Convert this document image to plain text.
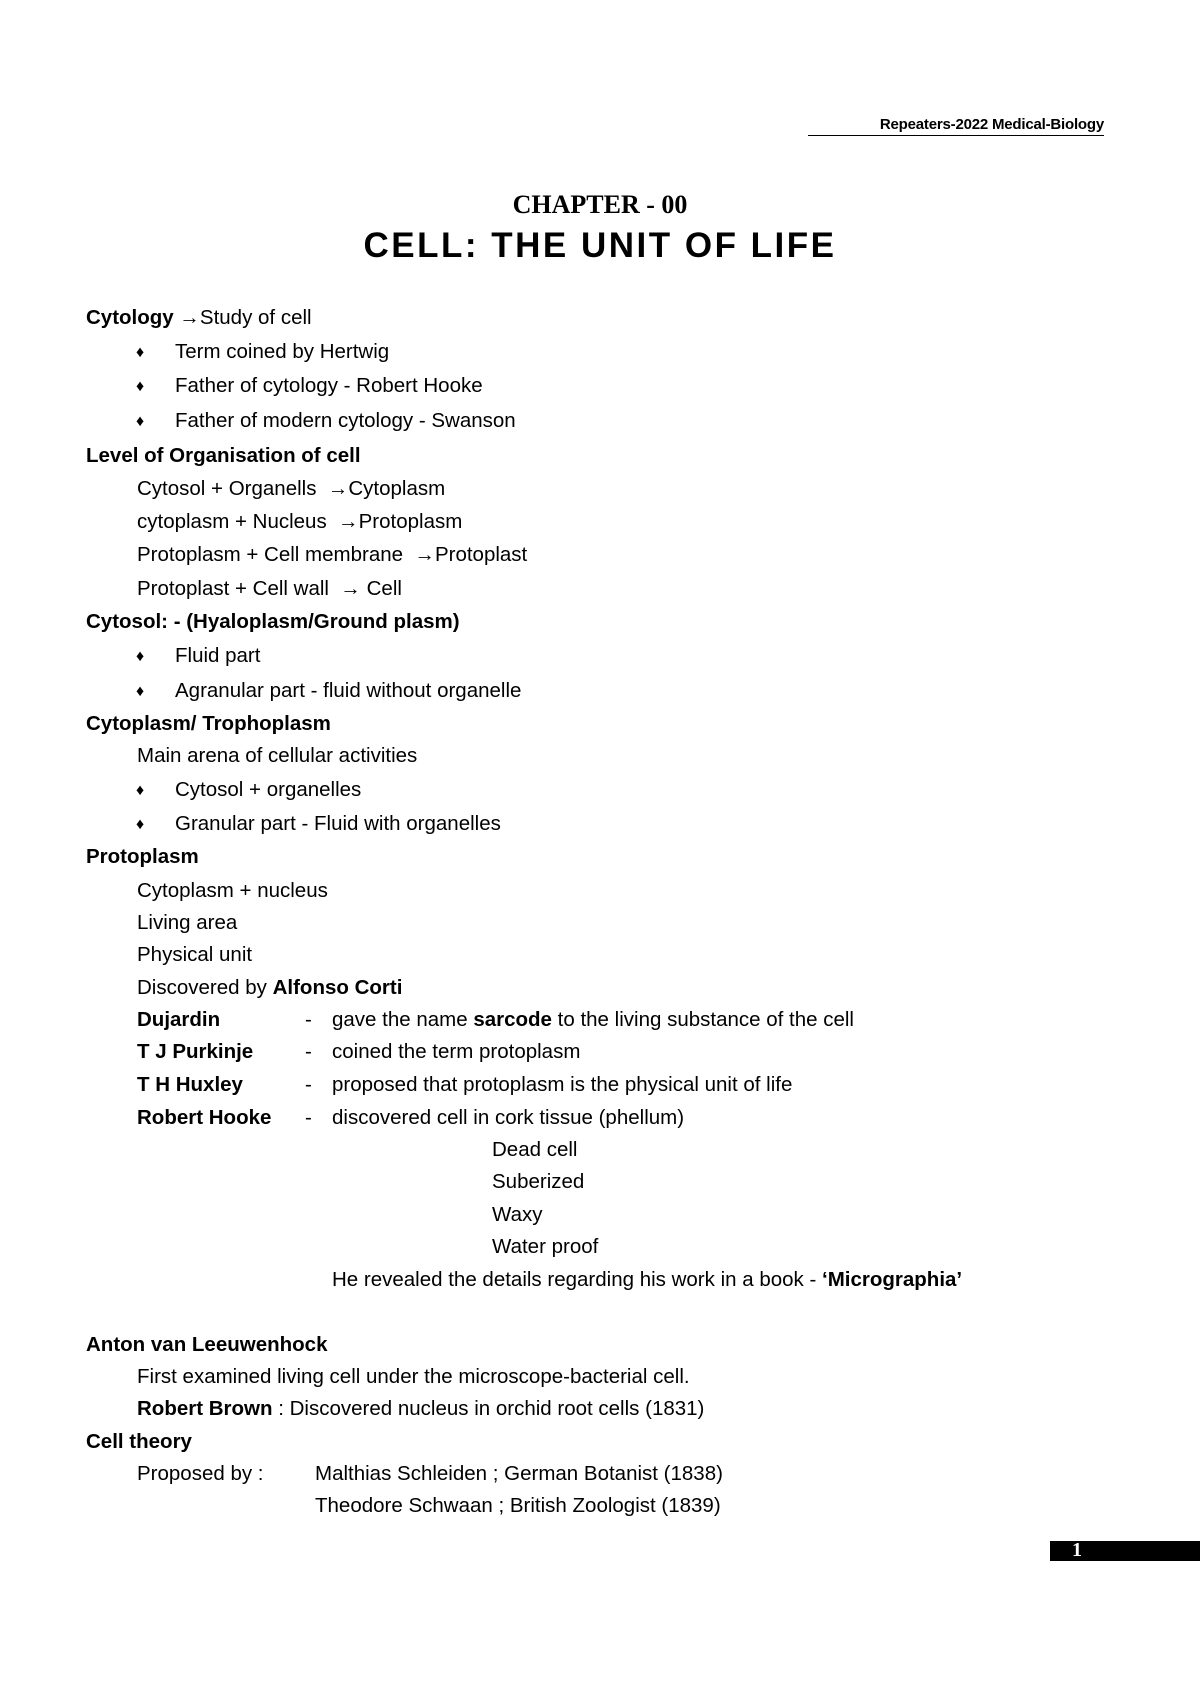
Repeaters-2022 Medical-Biology
CHAPTER - 00
CELL: THE UNIT OF LIFE
Cytology →Study of cell
♦ Term coined by Hertwig
♦ Father of cytology - Robert Hooke
♦ Father of modern cytology - Swanson
Level of Organisation of cell
Cytosol + Organells →Cytoplasm
cytoplasm + Nucleus →Protoplasm
Protoplasm + Cell membrane →Protoplast
Protoplast + Cell wall → Cell
Cytosol: - (Hyaloplasm/Ground plasm)
♦ Fluid part
♦ Agranular part - fluid without organelle
Cytoplasm/ Trophoplasm
Main arena of cellular activities
♦ Cytosol + organelles
♦ Granular part - Fluid with organelles
Protoplasm
Cytoplasm + nucleus
Living area
Physical unit
Discovered by Alfonso Corti
Dujardin	- gave the name sarcode to the living substance of the cell
T J Purkinje	- coined the term protoplasm
T H Huxley	- proposed that protoplasm is the physical unit of life
Robert Hooke - discovered cell in cork tissue (phellum)
Dead cell
Suberized
Waxy
Water proof
He revealed the details regarding his work in a book - ‘Micrographia’
Anton van Leeuwenhock
First examined living cell under the microscope-bacterial cell.
Robert Brown : Discovered nucleus in orchid root cells (1831)
Cell theory
Proposed by :	Malthias Schleiden ; German Botanist (1838)
Theodore Schwaan ; British Zoologist (1839)
1
